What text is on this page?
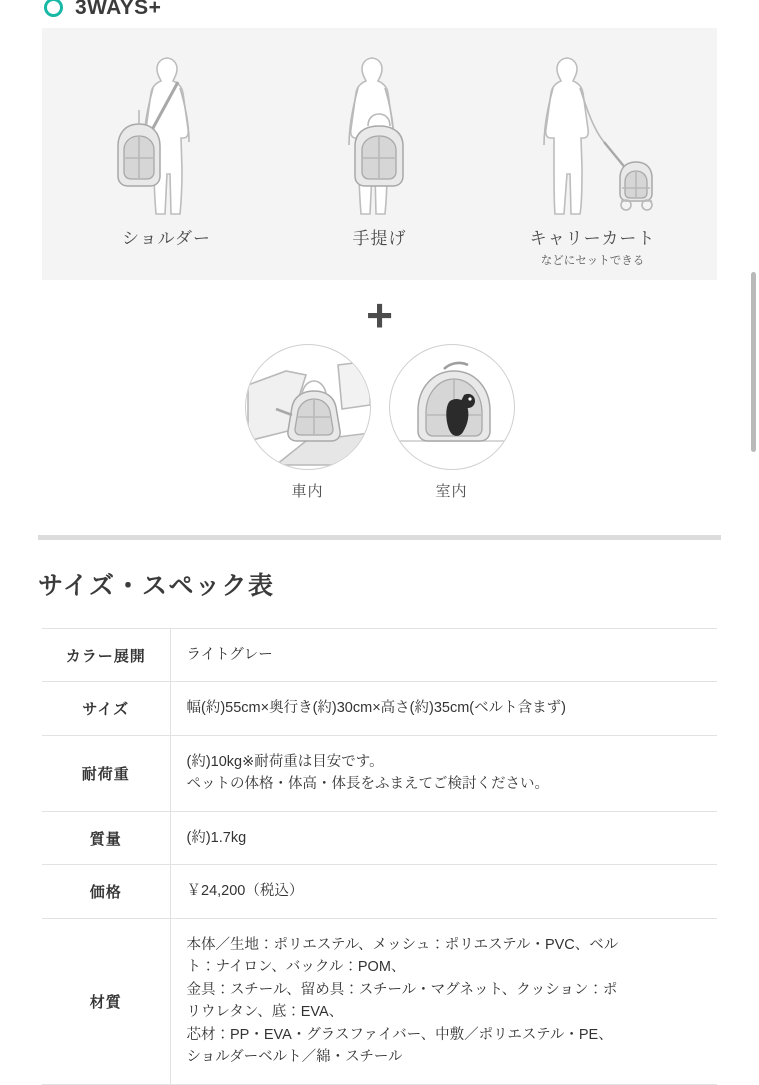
3WAYS+
ショルダー	手提げ	キャリーカート
などにセットできる
+
車内	室内
サイズ・スペック表
カラー展開	ライトグレー

サイズ	幅(約)55cm×奥行き(約)30cm×高さ(約)35cm(ベルト含まず)

耐荷重	(約)10kg※耐荷重は目安です。
ペットの体格・体高・体長をふまえてご検討ください。

質量	(約)1.7kg

価格	￥24,200（税込）

材質	
本体／生地：ポリエステル、メッシュ：ポリエステル・PVC、ベル
ト：ナイロン、バックル：POM、
金具：スチール、留め具：スチール・マグネット、クッション：ポ
リウレタン、底：EVA、
芯材：PP・EVA・グラスファイバー、中敷／ポリエステル・PE、
ショルダーベルト／綿・スチール
